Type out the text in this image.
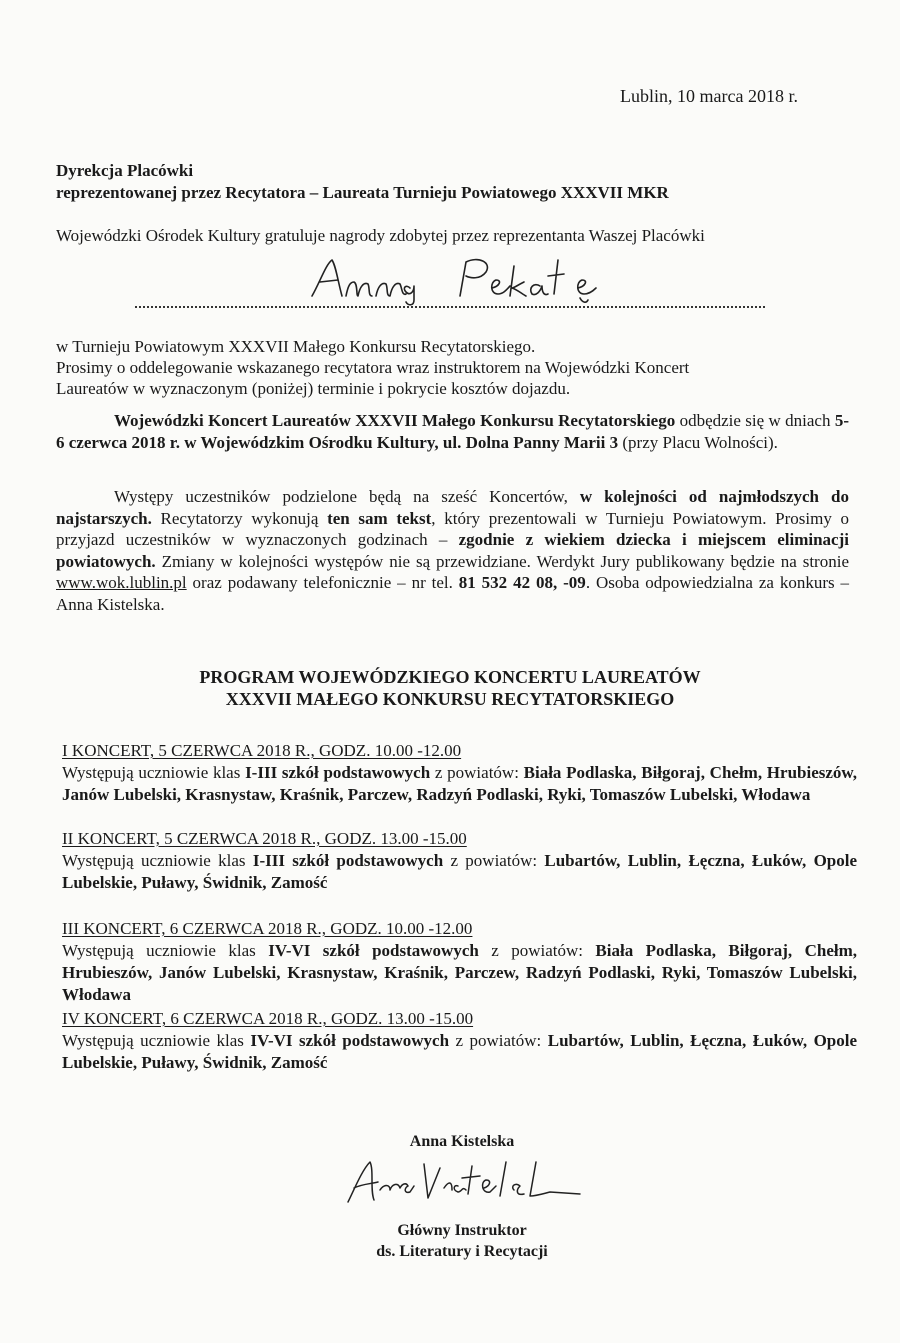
Lublin, 10 marca 2018 r.
Dyrekcja Placówki
reprezentowanej przez Recytatora – Laureata Turnieju Powiatowego XXXVII MKR
Wojewódzki Ośrodek Kultury gratuluje nagrody zdobytej przez reprezentanta Waszej Placówki
w Turnieju Powiatowym XXXVII Małego Konkursu Recytatorskiego.
Prosimy o oddelegowanie wskazanego recytatora wraz instruktorem na Wojewódzki Koncert
Laureatów w wyznaczonym (poniżej) terminie i pokrycie kosztów dojazdu.
Wojewódzki Koncert Laureatów XXXVII Małego Konkursu Recytatorskiego odbędzie się w dniach 5-6 czerwca 2018 r. w Wojewódzkim Ośrodku Kultury, ul. Dolna Panny Marii 3 (przy Placu Wolności).
Występy uczestników podzielone będą na sześć Koncertów, w kolejności od najmłodszych do najstarszych. Recytatorzy wykonują ten sam tekst, który prezentowali w Turnieju Powiatowym. Prosimy o przyjazd uczestników w wyznaczonych godzinach – zgodnie z wiekiem dziecka i miejscem eliminacji powiatowych. Zmiany w kolejności występów nie są przewidziane. Werdykt Jury publikowany będzie na stronie www.wok.lublin.pl oraz podawany telefonicznie – nr tel. 81 532 42 08, -09. Osoba odpowiedzialna za konkurs – Anna Kistelska.
PROGRAM WOJEWÓDZKIEGO KONCERTU LAUREATÓW
XXXVII MAŁEGO KONKURSU RECYTATORSKIEGO
I KONCERT, 5 CZERWCA 2018 R., GODZ. 10.00 -12.00
Występują uczniowie klas I-III szkół podstawowych z powiatów: Biała Podlaska, Biłgoraj, Chełm, Hrubieszów, Janów Lubelski, Krasnystaw, Kraśnik, Parczew, Radzyń Podlaski, Ryki, Tomaszów Lubelski, Włodawa
II KONCERT, 5 CZERWCA 2018 R., GODZ. 13.00 -15.00
Występują uczniowie klas I-III szkół podstawowych z powiatów: Lubartów, Lublin, Łęczna, Łuków, Opole Lubelskie, Puławy, Świdnik, Zamość
III KONCERT, 6 CZERWCA 2018 R., GODZ. 10.00 -12.00
Występują uczniowie klas IV-VI szkół podstawowych z powiatów: Biała Podlaska, Biłgoraj, Chełm, Hrubieszów, Janów Lubelski, Krasnystaw, Kraśnik, Parczew, Radzyń Podlaski, Ryki, Tomaszów Lubelski, Włodawa
IV KONCERT, 6 CZERWCA 2018 R., GODZ. 13.00 -15.00
Występują uczniowie klas IV-VI szkół podstawowych z powiatów: Lubartów, Lublin, Łęczna, Łuków, Opole Lubelskie, Puławy, Świdnik, Zamość
Anna Kistelska
Główny Instruktor
ds. Literatury i Recytacji
